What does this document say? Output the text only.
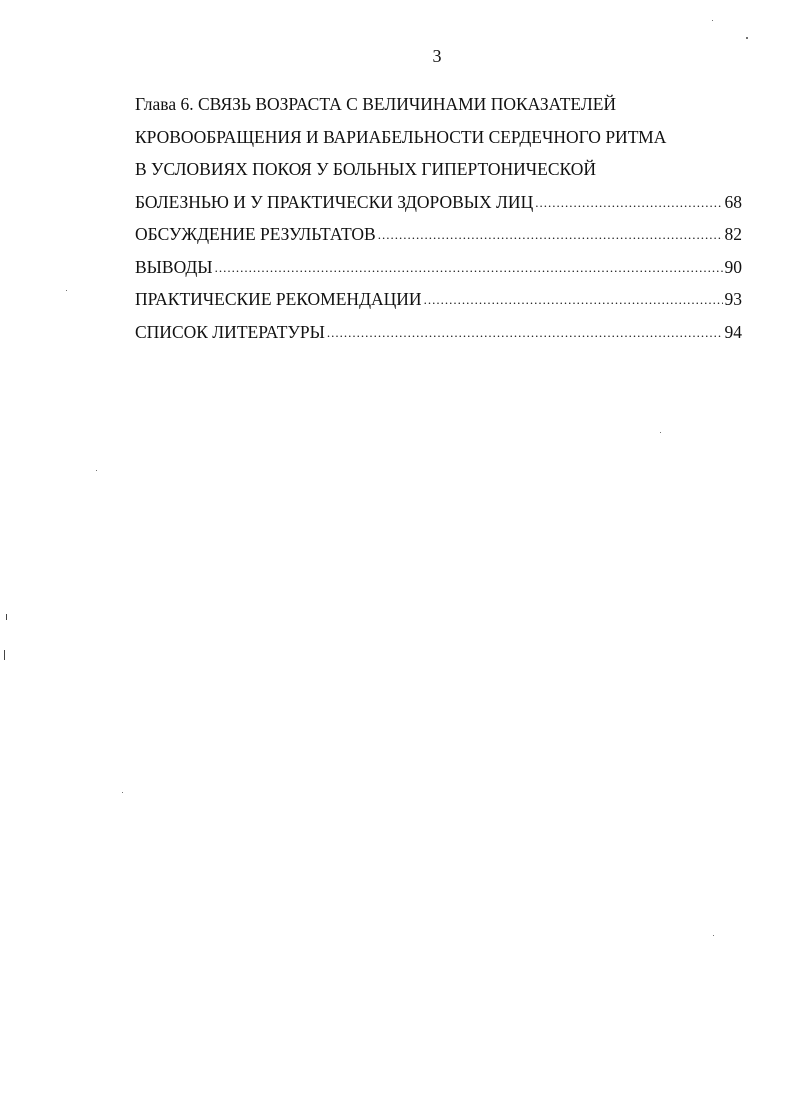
3
Глава 6. СВЯЗЬ ВОЗРАСТА С ВЕЛИЧИНАМИ ПОКАЗАТЕЛЕЙ
КРОВООБРАЩЕНИЯ И ВАРИАБЕЛЬНОСТИ СЕРДЕЧНОГО РИТМА
В УСЛОВИЯХ ПОКОЯ У БОЛЬНЫХ ГИПЕРТОНИЧЕСКОЙ
БОЛЕЗНЬЮ И У ПРАКТИЧЕСКИ ЗДОРОВЫХ ЛИЦ .....	68
ОБСУЖДЕНИЕ РЕЗУЛЬТАТОВ .....	82
ВЫВОДЫ .....	90
ПРАКТИЧЕСКИЕ РЕКОМЕНДАЦИИ .....	93
СПИСОК ЛИТЕРАТУРЫ .....	94
